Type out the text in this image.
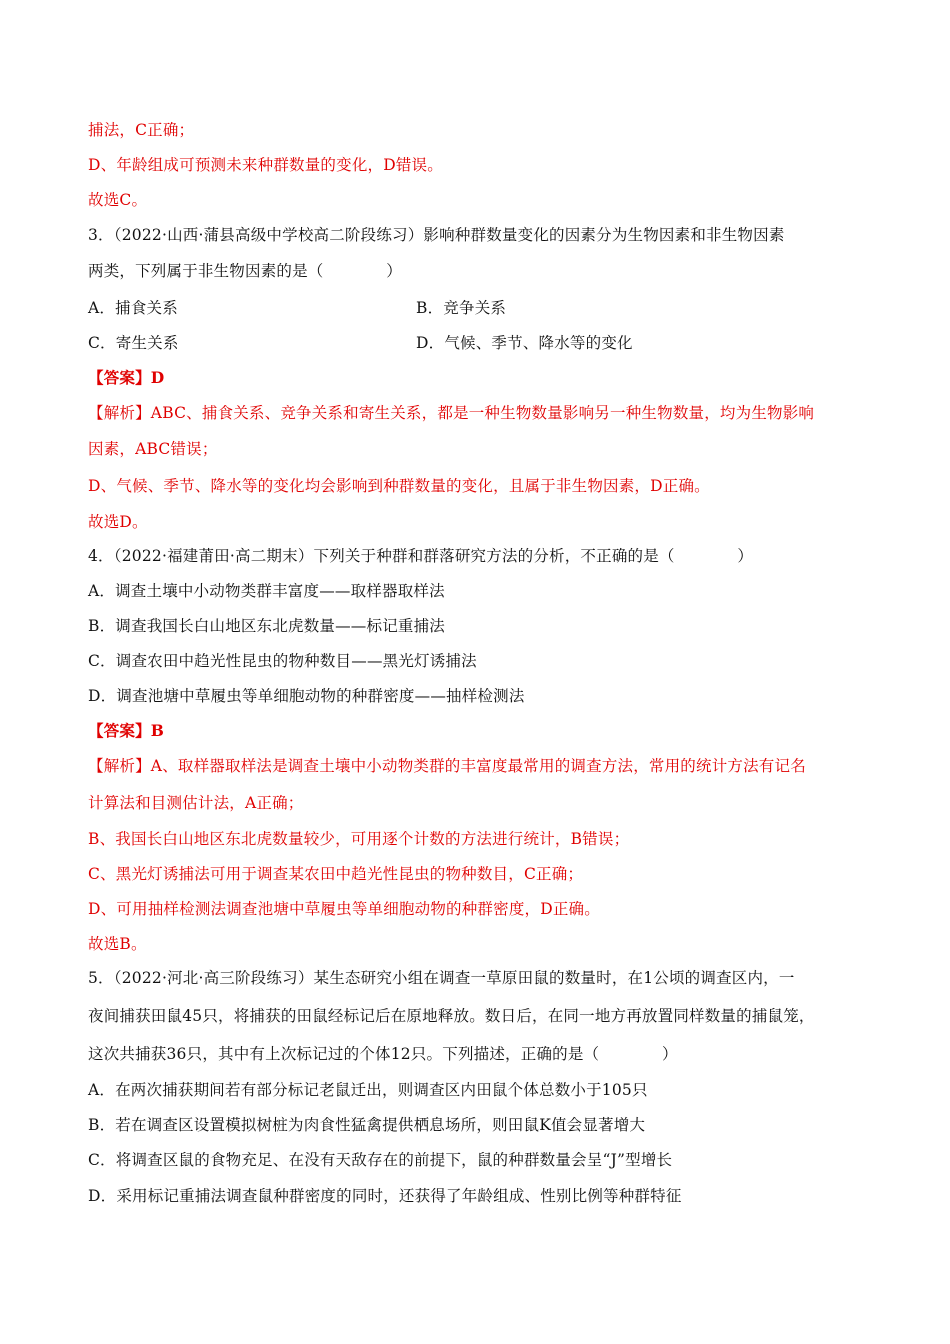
捕法，C正确；
D、年龄组成可预测未来种群数量的变化，D错误。
故选C。
3．（2022·山西·蒲县高级中学校高二阶段练习）影响种群数量变化的因素分为生物因素和非生物因素
两类，下列属于非生物因素的是（　　　　）
A．捕食关系	B．竞争关系
C．寄生关系	D．气候、季节、降水等的变化
【答案】D
【解析】ABC、捕食关系、竞争关系和寄生关系，都是一种生物数量影响另一种生物数量，均为生物影响
因素，ABC错误；
D、气候、季节、降水等的变化均会影响到种群数量的变化，且属于非生物因素，D正确。
故选D。
4．（2022·福建莆田·高二期末）下列关于种群和群落研究方法的分析，不正确的是（　　　　）
A．调查土壤中小动物类群丰富度——取样器取样法
B．调查我国长白山地区东北虎数量——标记重捕法
C．调查农田中趋光性昆虫的物种数目——黑光灯诱捕法
D．调查池塘中草履虫等单细胞动物的种群密度——抽样检测法
【答案】B
【解析】A、取样器取样法是调查土壤中小动物类群的丰富度最常用的调查方法，常用的统计方法有记名
计算法和目测估计法，A正确；
B、我国长白山地区东北虎数量较少，可用逐个计数的方法进行统计，B错误；
C、黑光灯诱捕法可用于调查某农田中趋光性昆虫的物种数目，C正确；
D、可用抽样检测法调查池塘中草履虫等单细胞动物的种群密度，D正确。
故选B。
5．（2022·河北·高三阶段练习）某生态研究小组在调查一草原田鼠的数量时，在1公顷的调查区内，一
夜间捕获田鼠45只，将捕获的田鼠经标记后在原地释放。数日后，在同一地方再放置同样数量的捕鼠笼，
这次共捕获36只，其中有上次标记过的个体12只。下列描述，正确的是（　　　　）
A．在两次捕获期间若有部分标记老鼠迁出，则调查区内田鼠个体总数小于105只
B．若在调查区设置模拟树桩为肉食性猛禽提供栖息场所，则田鼠K值会显著增大
C．将调查区鼠的食物充足、在没有天敌存在的前提下，鼠的种群数量会呈“J”型增长
D．采用标记重捕法调查鼠种群密度的同时，还获得了年龄组成、性别比例等种群特征
